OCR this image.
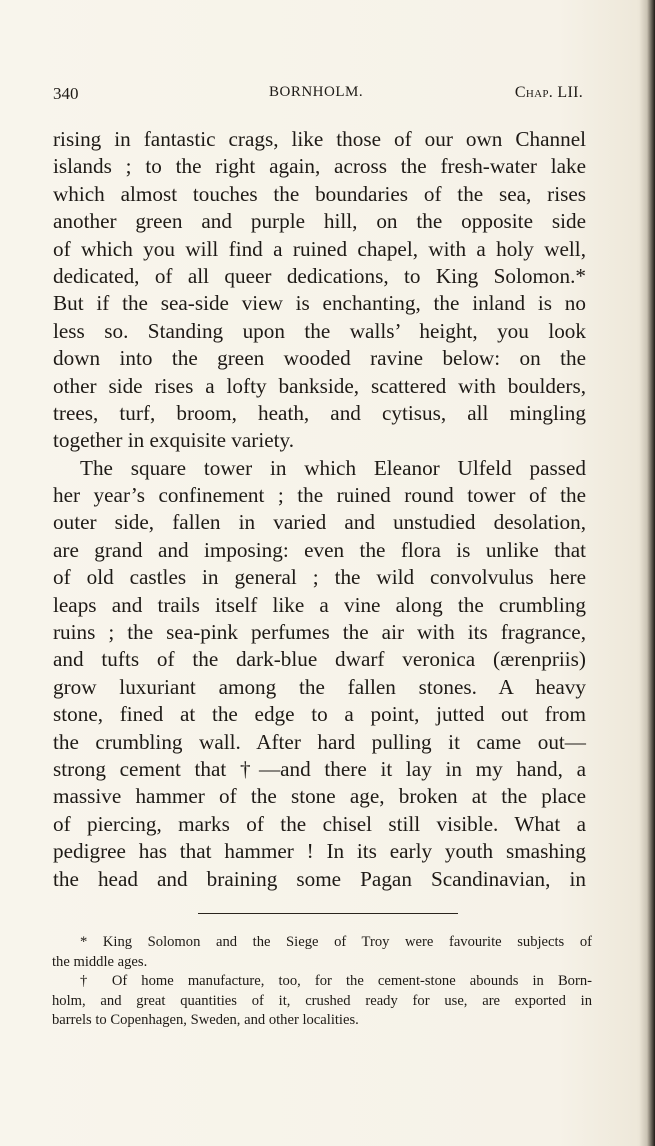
340	BORNHOLM.	Chap. LII.
rising in fantastic crags, like those of our own Channel
islands ; to the right again, across the fresh-water lake
which almost touches the boundaries of the sea, rises
another green and purple hill, on the opposite side
of which you will find a ruined chapel, with a holy well,
dedicated, of all queer dedications, to King Solomon.*
But if the sea-side view is enchanting, the inland is no
less so. Standing upon the walls’ height, you look
down into the green wooded ravine below: on the
other side rises a lofty bankside, scattered with boulders,
trees, turf, broom, heath, and cytisus, all mingling
together in exquisite variety.
The square tower in which Eleanor Ulfeld passed
her year’s confinement ; the ruined round tower of the
outer side, fallen in varied and unstudied desolation,
are grand and imposing: even the flora is unlike that
of old castles in general ; the wild convolvulus here
leaps and trails itself like a vine along the crumbling
ruins ; the sea-pink perfumes the air with its fragrance,
and tufts of the dark-blue dwarf veronica (ærenpriis)
grow luxuriant among the fallen stones. A heavy
stone, fined at the edge to a point, jutted out from
the crumbling wall. After hard pulling it came out—
strong cement that †—and there it lay in my hand, a
massive hammer of the stone age, broken at the place
of piercing, marks of the chisel still visible. What a
pedigree has that hammer ! In its early youth smashing
the head and braining some Pagan Scandinavian, in
* King Solomon and the Siege of Troy were favourite subjects of
the middle ages.
† Of home manufacture, too, for the cement-stone abounds in Born-
holm, and great quantities of it, crushed ready for use, are exported in
barrels to Copenhagen, Sweden, and other localities.
